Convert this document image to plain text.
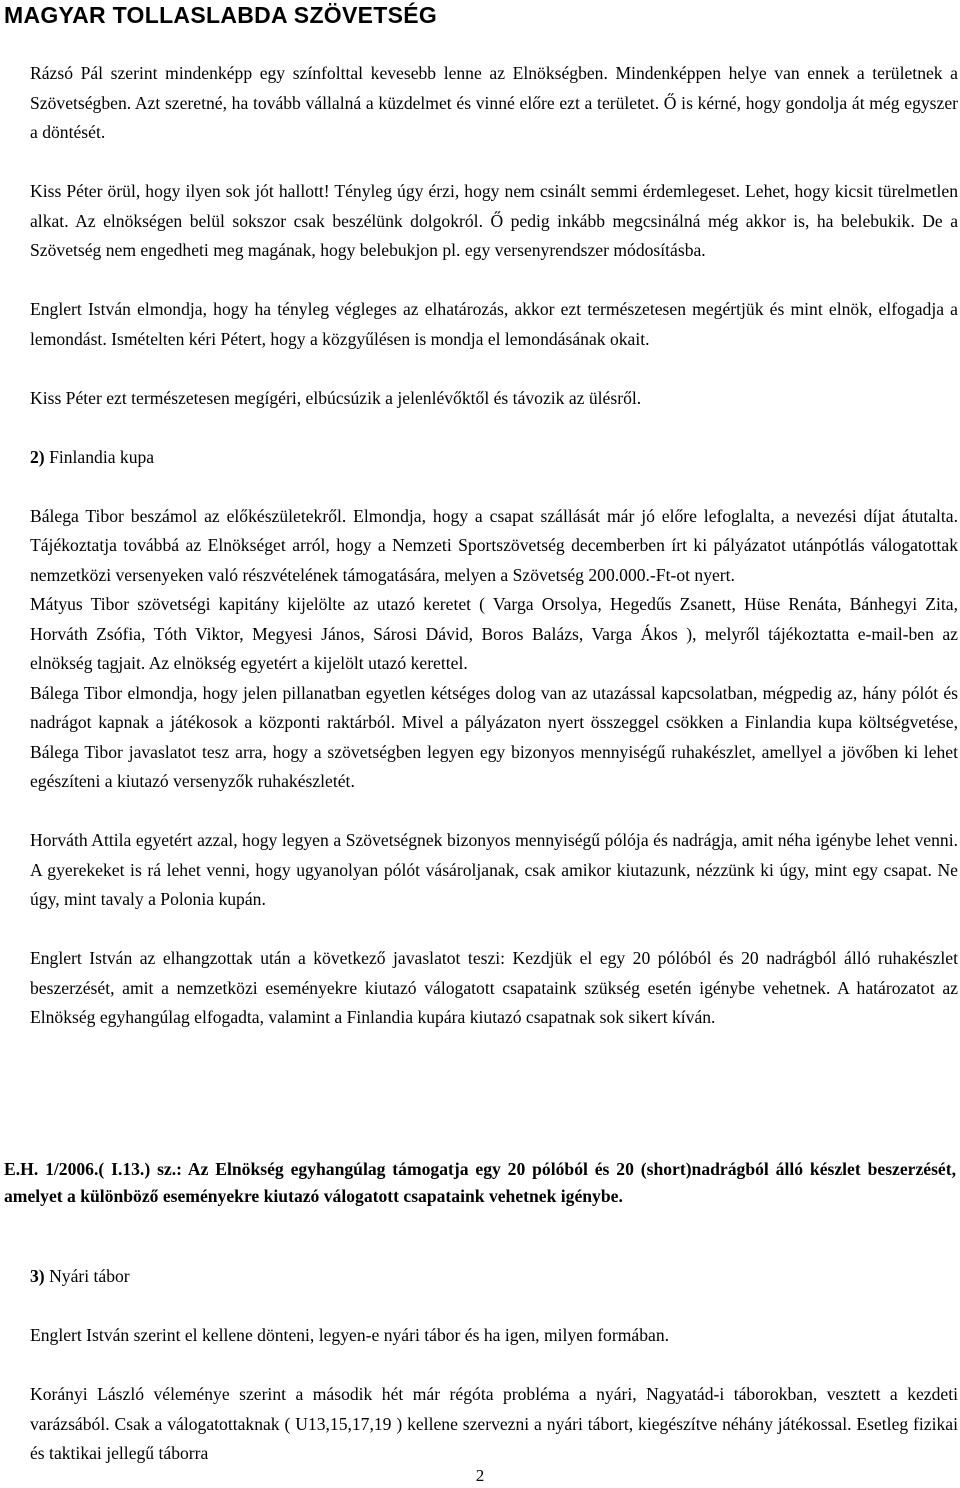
MAGYAR TOLLASLABDA SZÖVETSÉG

Rázsó Pál szerint mindenképp egy színfolttal kevesebb lenne az Elnökségben. Mindenképpen helye van ennek a területnek a Szövetségben. Azt szeretné, ha tovább vállalná a küzdelmet és vinné előre ezt a területet. Ő is kérné, hogy gondolja át még egyszer a döntését.

Kiss Péter örül, hogy ilyen sok jót hallott! Tényleg úgy érzi, hogy nem csinált semmi érdemlegeset. Lehet, hogy kicsit türelmetlen alkat. Az elnökségen belül sokszor csak beszélünk dolgokról. Ő pedig inkább megcsinálná még akkor is, ha belebukik. De a Szövetség nem engedheti meg magának, hogy belebukjon pl. egy versenyrendszer módosításba.

Englert István elmondja, hogy ha tényleg végleges az elhatározás, akkor ezt természetesen megértjük és mint elnök, elfogadja a lemondást. Ismételten kéri Pétert, hogy a közgyűlésen is mondja el lemondásának okait.

Kiss Péter ezt természetesen megígéri, elbúcsúzik a jelenlévőktől és távozik az ülésről.

2) Finlandia kupa

Bálega Tibor beszámol az előkészületekről. Elmondja, hogy a csapat szállását már jó előre lefoglalta, a nevezési díjat átutalta. Tájékoztatja továbbá az Elnökséget arról, hogy a Nemzeti Sportszövetség decemberben írt ki pályázatot utánpótlás válogatottak nemzetközi versenyeken való részvételének támogatására, melyen a Szövetség 200.000.-Ft-ot nyert.

Mátyus Tibor szövetségi kapitány kijelölte az utazó keretet ( Varga Orsolya, Hegedűs Zsanett, Hüse Renáta, Bánhegyi Zita, Horváth Zsófia, Tóth Viktor, Megyesi János, Sárosi Dávid, Boros Balázs, Varga Ákos ), melyről tájékoztatta e-mail-ben az elnökség tagjait. Az elnökség egyetért a kijelölt utazó kerettel.

Bálega Tibor elmondja, hogy jelen pillanatban egyetlen kétséges dolog van az utazással kapcsolatban, mégpedig az, hány pólót és nadrágot kapnak a játékosok a központi raktárból. Mivel a pályázaton nyert összeggel csökken a Finlandia kupa költségvetése, Bálega Tibor javaslatot tesz arra, hogy a szövetségben legyen egy bizonyos mennyiségű ruhakészlet, amellyel a jövőben ki lehet egészíteni a kiutazó versenyzők ruhakészletét.

Horváth Attila egyetért azzal, hogy legyen a Szövetségnek bizonyos mennyiségű pólója és nadrágja, amit néha igénybe lehet venni. A gyerekeket is rá lehet venni, hogy ugyanolyan pólót vásároljanak, csak amikor kiutazunk, nézzünk ki úgy, mint egy csapat. Ne úgy, mint tavaly a Polonia kupán.

Englert István az elhangzottak után a következő javaslatot teszi: Kezdjük el egy 20 pólóból és 20 nadrágból álló ruhakészlet beszerzését, amit a nemzetközi eseményekre kiutazó válogatott csapataink szükség esetén igénybe vehetnek. A határozatot az Elnökség egyhangúlag elfogadta, valamint a Finlandia kupára kiutazó csapatnak sok sikert kíván.

E.H. 1/2006.( I.13.) sz.: Az Elnökség egyhangúlag támogatja egy 20 pólóból és 20 (short)nadrágból álló készlet beszerzését, amelyet a különböző eseményekre kiutazó válogatott csapataink vehetnek igénybe.

3) Nyári tábor

Englert István szerint el kellene dönteni, legyen-e nyári tábor és ha igen, milyen formában.

Korányi László véleménye szerint a második hét már régóta probléma a nyári, Nagyatád-i táborokban, vesztett a kezdeti varázsából. Csak a válogatottaknak ( U13,15,17,19 ) kellene szervezni a nyári tábort, kiegészítve néhány játékossal. Esetleg fizikai és taktikai jellegű táborra

2
